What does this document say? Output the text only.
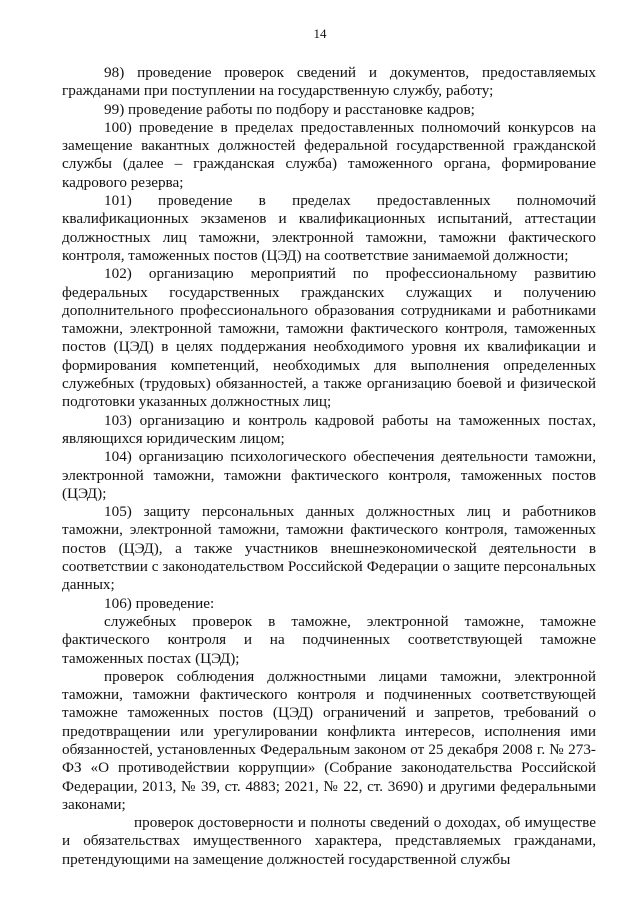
14

98) проведение проверок сведений и документов, предоставляемых гражданами при поступлении на государственную службу, работу;

99) проведение работы по подбору и расстановке кадров;

100) проведение в пределах предоставленных полномочий конкурсов на замещение вакантных должностей федеральной государственной гражданской службы (далее – гражданская служба) таможенного органа, формирование кадрового резерва;

101) проведение в пределах предоставленных полномочий квалификационных экзаменов и квалификационных испытаний, аттестации должностных лиц таможни, электронной таможни, таможни фактического контроля, таможенных постов (ЦЭД) на соответствие занимаемой должности;

102) организацию мероприятий по профессиональному развитию федеральных государственных гражданских служащих и получению дополнительного профессионального образования сотрудниками и работниками таможни, электронной таможни, таможни фактического контроля, таможенных постов (ЦЭД) в целях поддержания необходимого уровня их квалификации и формирования компетенций, необходимых для выполнения определенных служебных (трудовых) обязанностей, а также организацию боевой и физической подготовки указанных должностных лиц;

103) организацию и контроль кадровой работы на таможенных постах, являющихся юридическим лицом;

104) организацию психологического обеспечения деятельности таможни, электронной таможни, таможни фактического контроля, таможенных постов (ЦЭД);

105) защиту персональных данных должностных лиц и работников таможни, электронной таможни, таможни фактического контроля, таможенных постов (ЦЭД), а также участников внешнеэкономической деятельности в соответствии с законодательством Российской Федерации о защите персональных данных;

106) проведение:

служебных проверок в таможне, электронной таможне, таможне фактического контроля и на подчиненных соответствующей таможне таможенных постах (ЦЭД);

проверок соблюдения должностными лицами таможни, электронной таможни, таможни фактического контроля и подчиненных соответствующей таможне таможенных постов (ЦЭД) ограничений и запретов, требований о предотвращении или урегулировании конфликта интересов, исполнения ими обязанностей, установленных Федеральным законом от 25 декабря 2008 г. № 273-ФЗ «О противодействии коррупции» (Собрание законодательства Российской Федерации, 2013, № 39, ст. 4883; 2021, № 22, ст. 3690) и другими федеральными законами;

проверок достоверности и полноты сведений о доходах, об имуществе и обязательствах имущественного характера, представляемых гражданами, претендующими на замещение должностей государственной службы
